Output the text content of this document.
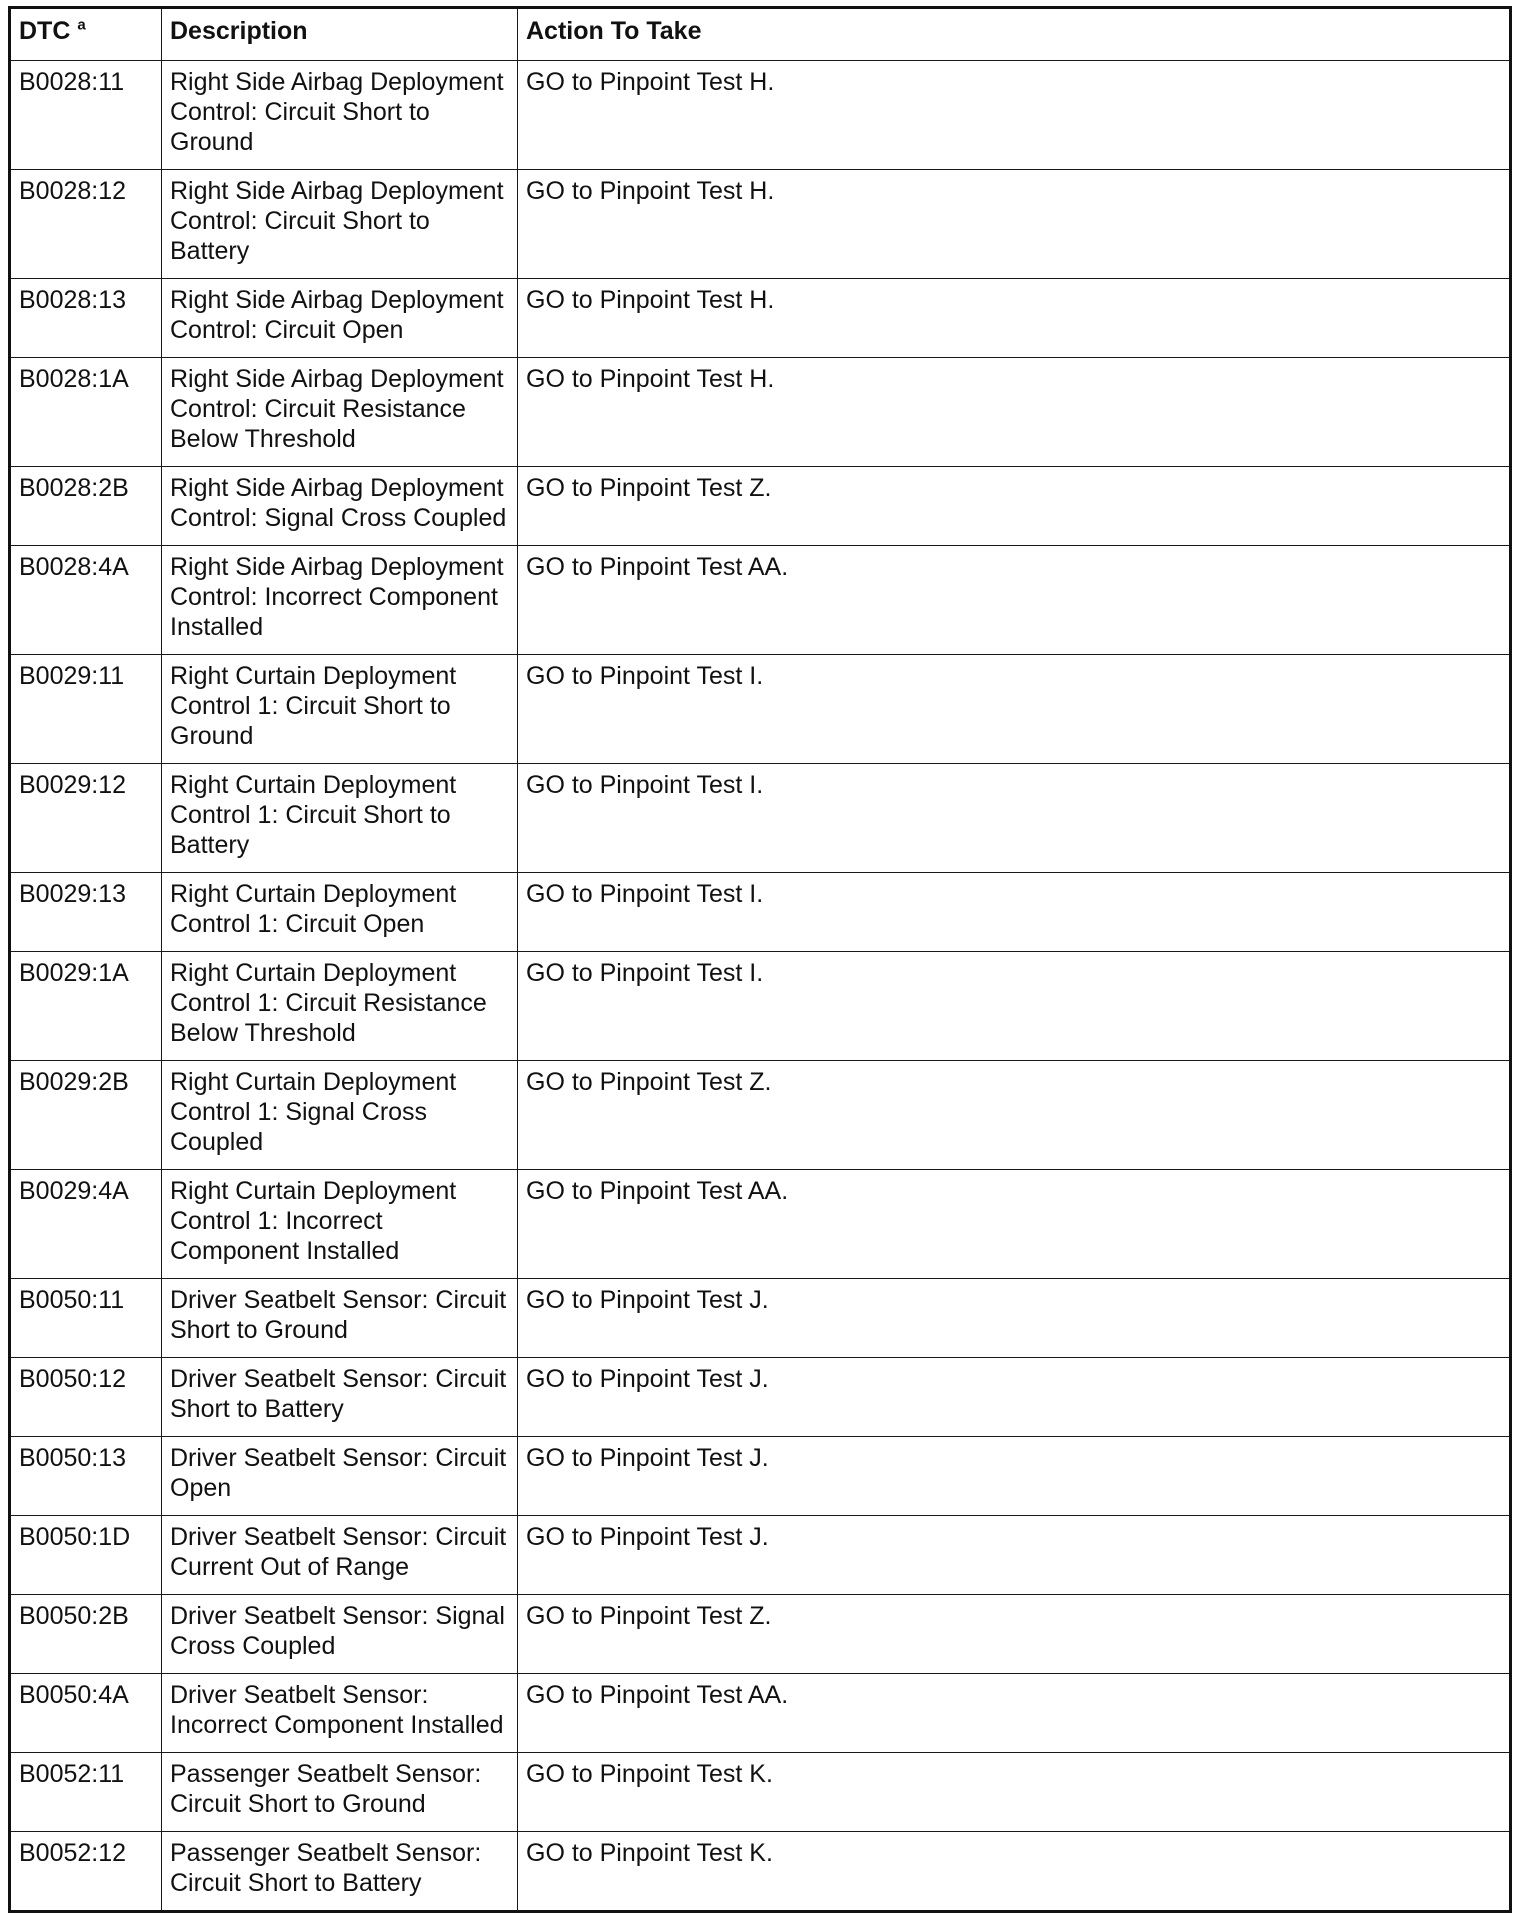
DTC $^a$	Description	Action To Take
B0028:11	Right Side Airbag Deployment Control: Circuit Short to Ground	GO to Pinpoint Test H.
B0028:12	Right Side Airbag Deployment Control: Circuit Short to Battery	GO to Pinpoint Test H.
B0028:13	Right Side Airbag Deployment Control: Circuit Open	GO to Pinpoint Test H.
B0028:1A	Right Side Airbag Deployment Control: Circuit Resistance Below Threshold	GO to Pinpoint Test H.
B0028:2B	Right Side Airbag Deployment Control: Signal Cross Coupled	GO to Pinpoint Test Z.
B0028:4A	Right Side Airbag Deployment Control: Incorrect Component Installed	GO to Pinpoint Test AA.
B0029:11	Right Curtain Deployment Control 1: Circuit Short to Ground	GO to Pinpoint Test I.
B0029:12	Right Curtain Deployment Control 1: Circuit Short to Battery	GO to Pinpoint Test I.
B0029:13	Right Curtain Deployment Control 1: Circuit Open	GO to Pinpoint Test I.
B0029:1A	Right Curtain Deployment Control 1: Circuit Resistance Below Threshold	GO to Pinpoint Test I.
B0029:2B	Right Curtain Deployment Control 1: Signal Cross Coupled	GO to Pinpoint Test Z.
B0029:4A	Right Curtain Deployment Control 1: Incorrect Component Installed	GO to Pinpoint Test AA.
B0050:11	Driver Seatbelt Sensor: Circuit Short to Ground	GO to Pinpoint Test J.
B0050:12	Driver Seatbelt Sensor: Circuit Short to Battery	GO to Pinpoint Test J.
B0050:13	Driver Seatbelt Sensor: Circuit Open	GO to Pinpoint Test J.
B0050:1D	Driver Seatbelt Sensor: Circuit Current Out of Range	GO to Pinpoint Test J.
B0050:2B	Driver Seatbelt Sensor: Signal Cross Coupled	GO to Pinpoint Test Z.
B0050:4A	Driver Seatbelt Sensor: Incorrect Component Installed	GO to Pinpoint Test AA.
B0052:11	Passenger Seatbelt Sensor: Circuit Short to Ground	GO to Pinpoint Test K.
B0052:12	Passenger Seatbelt Sensor: Circuit Short to Battery	GO to Pinpoint Test K.
